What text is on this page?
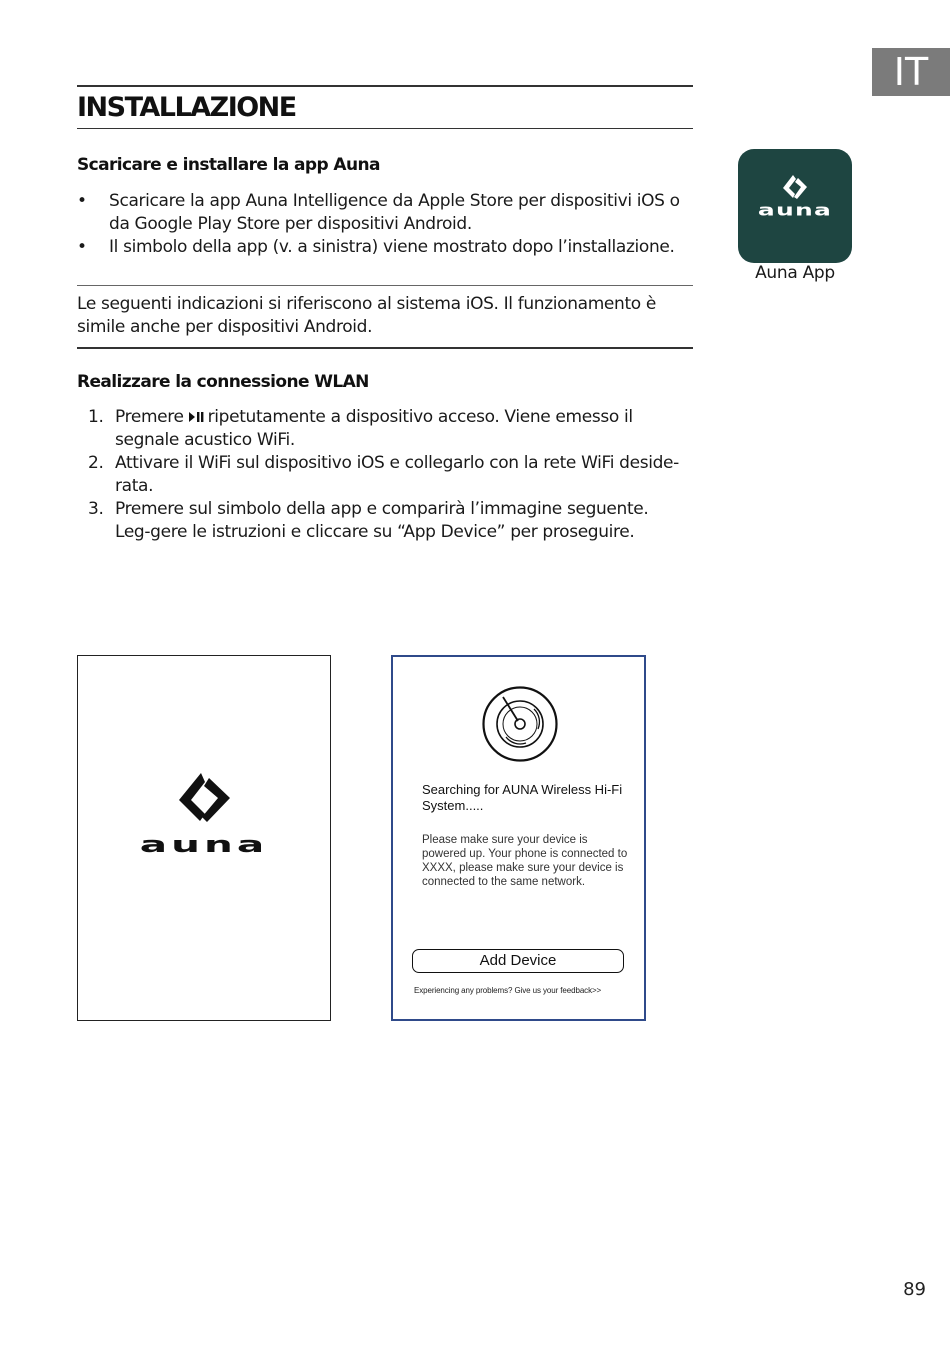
IT
INSTALLAZIONE
Scaricare e installare la app Auna
• Scaricare la app Auna Intelligence da Apple Store per dispositivi iOS o da Google Play Store per dispositivi Android.
• Il simbolo della app (v. a sinistra) viene mostrato dopo l’installazione.
auna
Auna App

Le seguenti indicazioni si riferiscono al sistema iOS. Il funzionamento è simile anche per dispositivi Android.

Realizzare la connessione WLAN
1. Premere ripetutamente a dispositivo acceso. Viene emesso il segnale acustico WiFi.
2. Attivare il WiFi sul dispositivo iOS e collegarlo con la rete WiFi deside-rata.
3. Premere sul simbolo della app e comparirà l’immagine seguente. Leg-gere le istruzioni e cliccare su “App Device” per proseguire.
auna
Searching for AUNA Wireless Hi-Fi System.....
Please make sure your device is powered up. Your phone is connected to XXXX, please make sure your device is connected to the same network.
Add Device
Experiencing any problems? Give us your feedback>>
89
